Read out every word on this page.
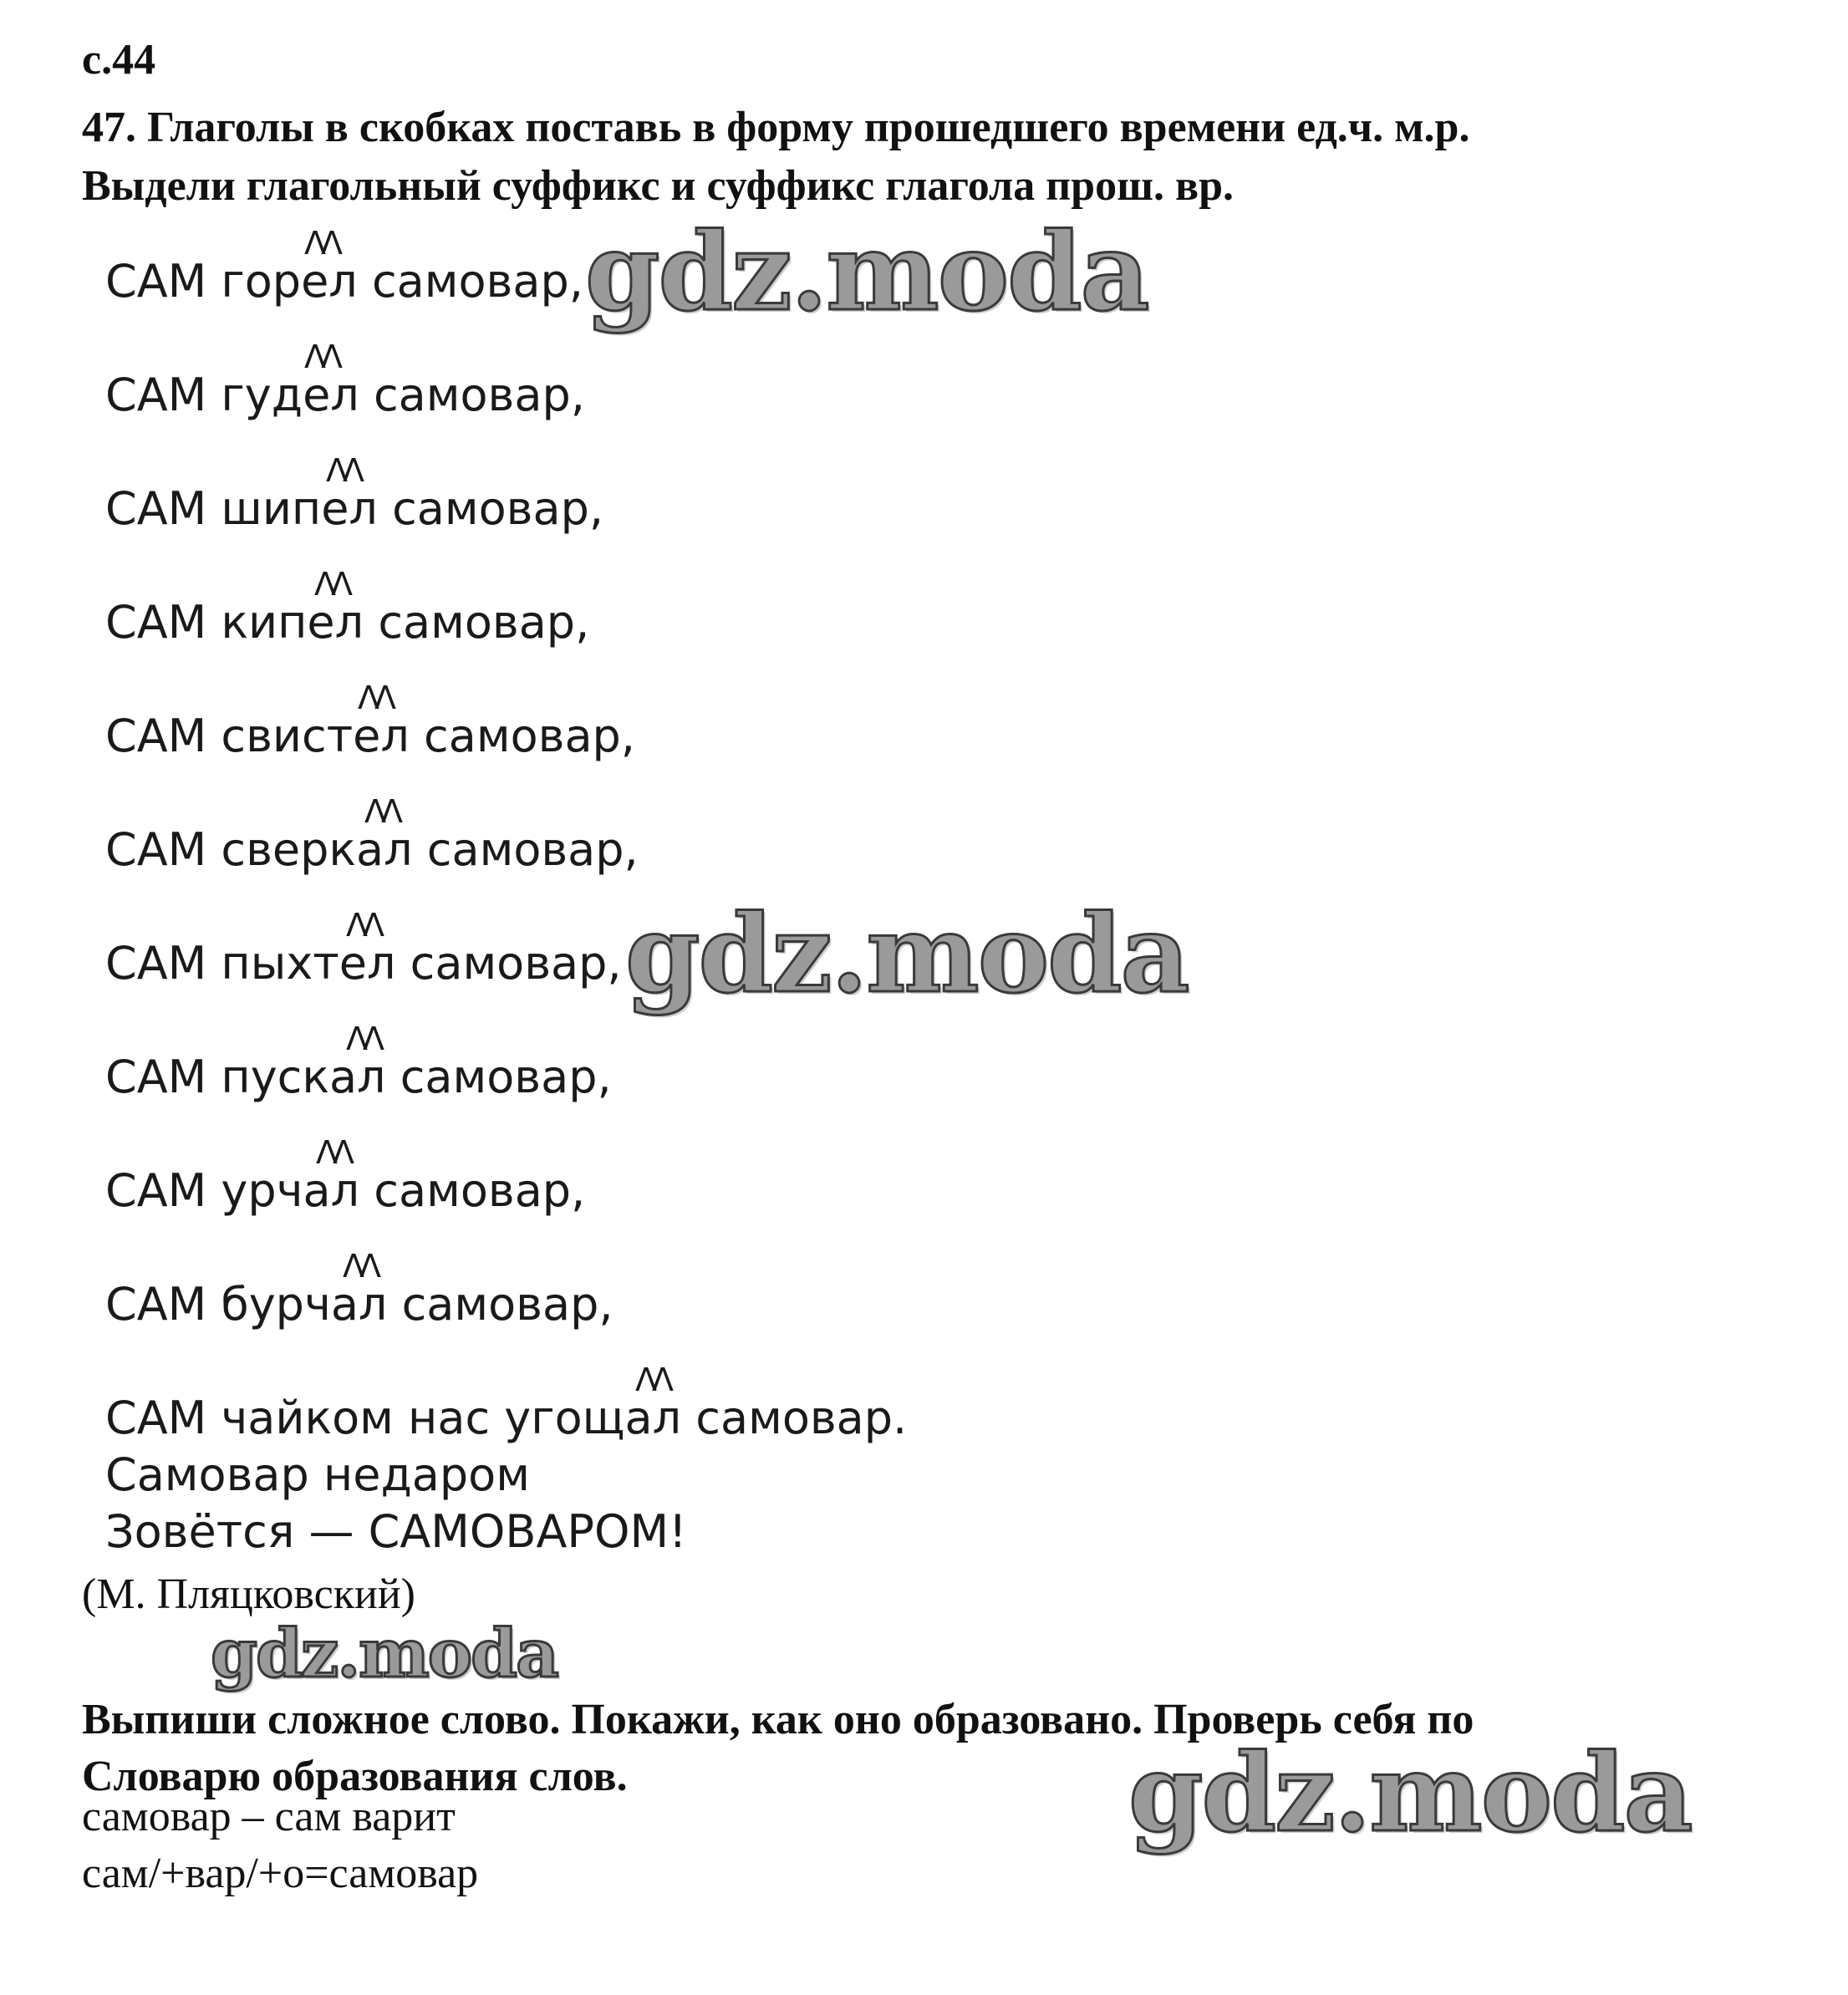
с.44
47. Глаголы в скобках поставь в форму прошедшего времени ед.ч. м.р.
Выдели глагольный суффикс и суффикс глагола прош. вр.
САМ горел самовар,
САМ гудел самовар,
САМ шипел самовар,
САМ кипел самовар,
САМ свистел самовар,
САМ сверкал самовар,
САМ пыхтел самовар,
САМ пускал самовар,
САМ урчал самовар,
САМ бурчал самовар,
САМ чайком нас угощал самовар.
Самовар недаром
Зовётся — САМОВАРОМ!
ΛΛ
ΛΛ
ΛΛ
ΛΛ
ΛΛ
ΛΛ
ΛΛ
ΛΛ
ΛΛ
ΛΛ
ΛΛ
(М. Пляцковский)
Выпиши сложное слово. Покажи, как оно образовано. Проверь себя по
Словарю образования слов.
самовар – сам варит
сам/+вар/+о=самовар
gdz.moda
gdz.moda
gdz.moda
gdz.moda
